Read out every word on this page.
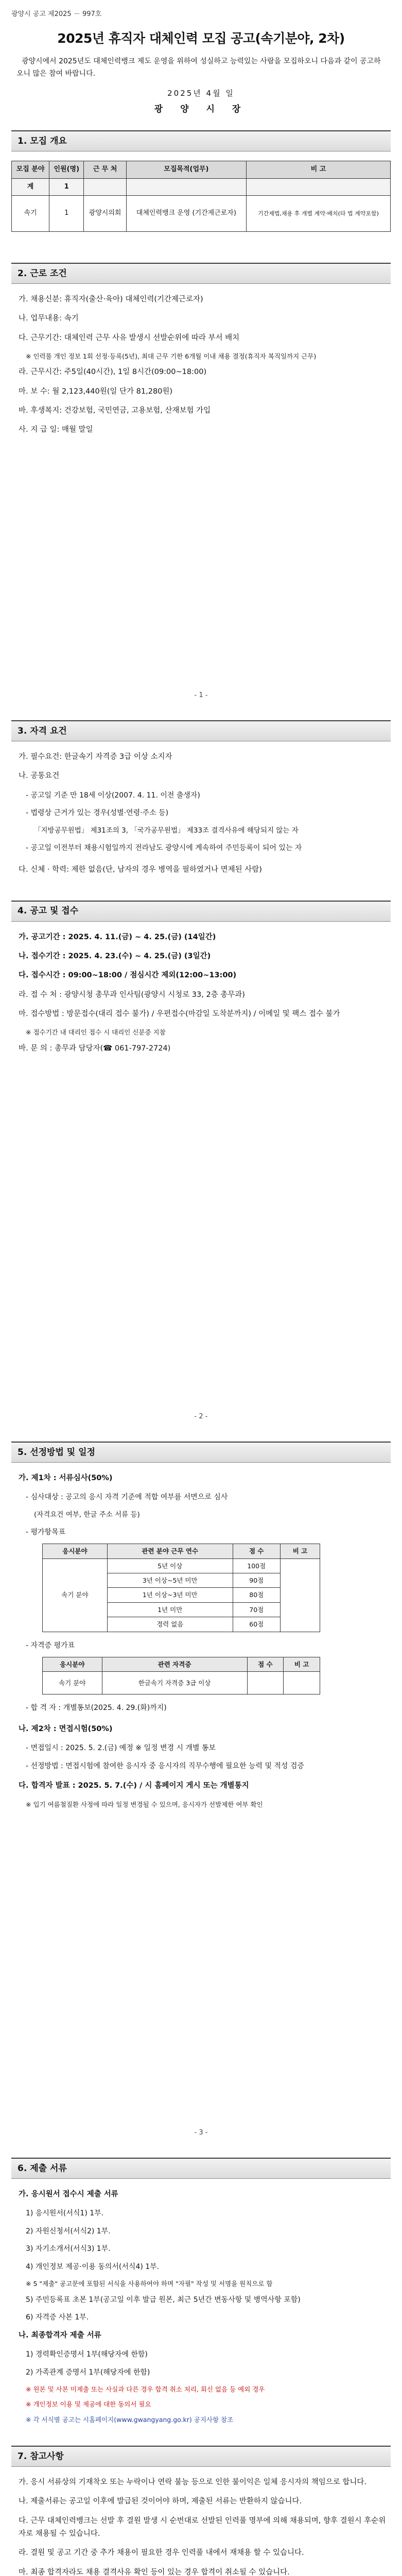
광양시 공고 제2025 － 997호
2025년 휴직자 대체인력 모집 공고(속기분야, 2차)
광양시에서 2025년도 대체인력뱅크 제도 운영을 위하여 성실하고 능력있는 사람을 모집하오니 다음과 같이 공고하오니 많은 참여 바랍니다.
2025년 4월 일
광 양 시 장
1. 모집 개요
모집 분야	인원(명)	근 무 처	모집목적(업무)	비 고
계	1			
속기	1	광양시의회	대체인력뱅크 운영 (기간제근로자)	기간제법,채용 후 개별 계약·배치(타 법 계약포함)
2. 근로 조건
가. 채용신분: 휴직자(출산·육아) 대체인력(기간제근로자)
나. 업무내용: 속기
다. 근무기간: 대체인력 근무 사유 발생시 선발순위에 따라 부서 배치
※ 인력풀 개인 정보 1회 선정·등록(5년), 최대 근무 기한 6개월 이내 채용 결정(휴직자 복직일까지 근무)
라. 근무시간: 주5일(40시간), 1일 8시간(09:00~18:00)
마. 보 수: 월 2,123,440원(일 단가 81,280원)
바. 후생복지: 건강보험, 국민연금, 고용보험, 산재보험 가입
사. 지 급 일: 매월 말일
- 1 -
3. 자격 요건
가. 필수요건: 한글속기 자격증 3급 이상 소지자
나. 공통요건
- 공고일 기준 만 18세 이상(2007. 4. 11. 이전 출생자)
- 법령상 근거가 있는 경우(성별·연령·주소 등)
「지방공무원법」 제31조의 3, 「국가공무원법」 제33조 결격사유에 해당되지 않는 자
- 공고일 이전부터 채용시험일까지 전라남도 광양시에 계속하여 주민등록이 되어 있는 자
다. 신체 · 학력: 제한 없음(단, 남자의 경우 병역을 필하였거나 면제된 사람)
4. 공고 및 접수
가. 공고기간 : 2025. 4. 11.(금) ~ 4. 25.(금) (14일간)
나. 접수기간 : 2025. 4. 23.(수) ~ 4. 25.(금) (3일간)
다. 접수시간 : 09:00~18:00 / 점심시간 제외(12:00~13:00)
라. 접 수 처 : 광양시청 총무과 인사팀(광양시 시청로 33, 2층 총무과)
마. 접수방법 : 방문접수(대리 접수 불가) / 우편접수(마감일 도착분까지) / 이메일 및 팩스 접수 불가
※ 접수기간 내 대리인 접수 시 대리인 신분증 지참
바. 문 의 : 총무과 담당자(☎ 061-797-2724)
- 2 -
5. 선정방법 및 일정
가. 제1차 : 서류심사(50%)
- 심사대상 : 공고의 응시 자격 기준에 적합 여부를 서면으로 심사
(자격요건 여부, 한글 주소 서류 등)
- 평가항목표
응시분야	관련 분야 근무 연수	점 수	비 고
속기 분야	5년 이상	100점	
	3년 이상~5년 미만	90점	
	1년 이상~3년 미만	80점	
	1년 미만	70점	
	경력 없음	60점	
- 자격증 평가표
응시분야	관련 자격증	점 수	비 고
속기 분야	한글속기 자격증 3급 이상		
- 합 격 자 : 개별통보(2025. 4. 29.(화)까지)
나. 제2차 : 면접시험(50%)
- 면접일시 : 2025. 5. 2.(금) 예정 ※ 일정 변경 시 개별 통보
- 선정방법 : 면접시험에 참여한 응시자 중 응시자의 직무수행에 필요한 능력 및 적성 검증
다. 합격자 발표 : 2025. 5. 7.(수) / 시 홈페이지 게시 또는 개별통지
※ 입기 여름철질환 사정에 따라 일정 변경될 수 있으며, 응시자가 선발제한 여부 확인
- 3 -
6. 제출 서류
가. 응시원서 접수시 제출 서류
1) 응시원서(서식1) 1부.
2) 자원신청서(서식2) 1부.
3) 자기소개서(서식3) 1부.
4) 개인정보 제공·이용 동의서(서식4) 1부.
※ 5 "제출" 공고문에 포함된 서식을 사용하여야 하며 "자필" 작성 및 서명을 원칙으로 함
5) 주민등록표 초본 1부(공고일 이후 발급 원본, 최근 5년간 변동사항 및 병역사항 포함)
6) 자격증 사본 1부.
나. 최종합격자 제출 서류
1) 경력확인증명서 1부(해당자에 한함)
2) 가족관계 증명서 1부(해당자에 한함)
※ 원본 및 사본 미제출 또는 사실과 다른 경우 합격 취소 처리, 회신 없음 등 예외 경우
※ 개인정보 이용 및 제공에 대한 동의서 필요
※ 각 서식별 공고는 시홈페이지(www.gwangyang.go.kr) 공지사항 참조
7. 참고사항
가. 응시 서류상의 기재착오 또는 누락이나 연락 불능 등으로 인한 불이익은 일체 응시자의 책임으로 합니다.
나. 제출서류는 공고일 이후에 발급된 것이어야 하며, 제출된 서류는 반환하지 않습니다.
다. 근무 대체인력뱅크는 선발 후 결원 발생 시 순번대로 선발된 인력풀 명부에 의해 채용되며, 향후 결원시 후순위 자로 채용될 수 있습니다.
라. 결원 및 공고 기간 중 추가 채용이 필요한 경우 인력풀 내에서 재채용 할 수 있습니다.
마. 최종 합격자라도 채용 결격사유 확인 등이 있는 경우 합격이 취소될 수 있습니다.
